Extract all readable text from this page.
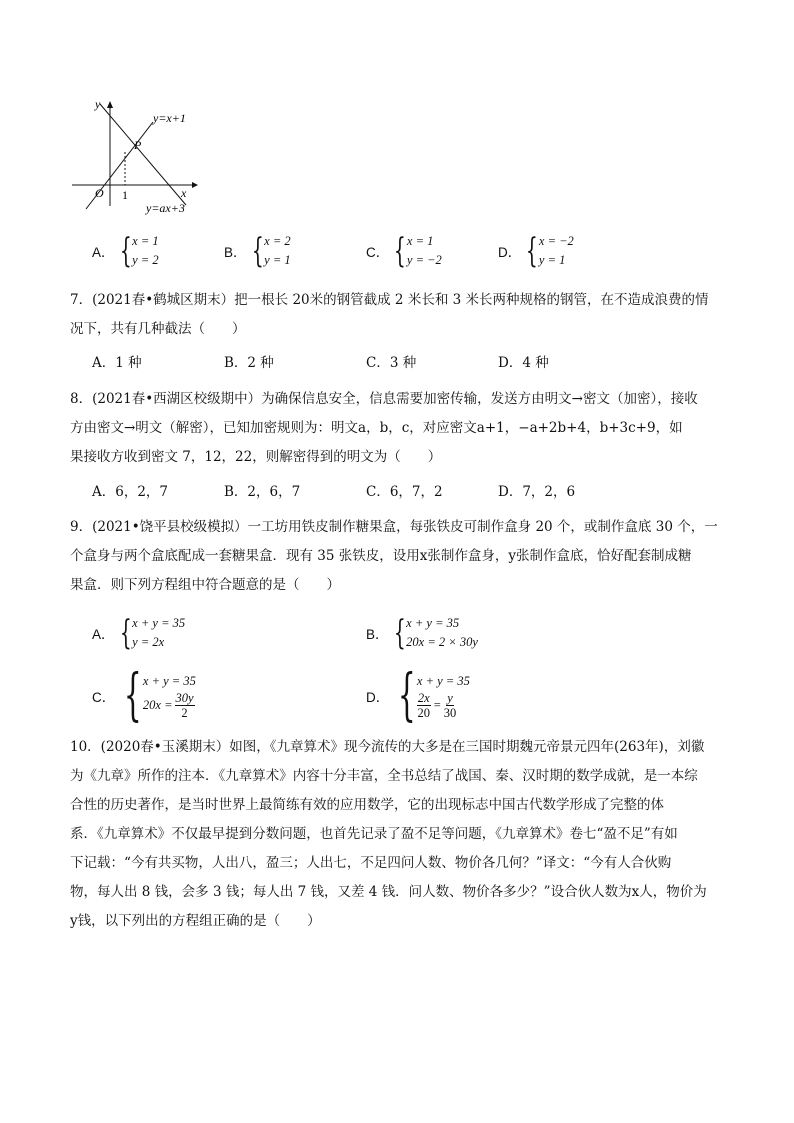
y
x
O 1
P
y=x+1
y=ax+3
A． { x = 1
y = 2	B． { x = 2
y = 1	C． { x = 1
y = −2	D． { x = −2
y = 1
7．(2021春•鹤城区期末）把一根长 20米的钢管截成 2 米长和 3 米长两种规格的钢管，在不造成浪费的情
况下，共有几种截法（　　）
A．1 种	B．2 种	C．3 种	D．4 种
8．(2021春•西湖区校级期中）为确保信息安全，信息需要加密传输，发送方由明文→密文（加密），接收
方由密文→明文（解密），已知加密规则为：明文a，b，c，对应密文a+1，−a+2b+4，b+3c+9，如
果接收方收到密文 7，12，22，则解密得到的明文为（　　）
A．6，2，7	B．2，6，7	C．6，7，2	D．7，2，6
9．(2021•饶平县校级模拟）一工坊用铁皮制作糖果盒，每张铁皮可制作盒身 20 个，或制作盒底 30 个，一
个盒身与两个盒底配成一套糖果盒．现有 35 张铁皮，设用x张制作盒身，y张制作盒底，恰好配套制成糖
果盒．则下列方程组中符合题意的是（　　）
A． { x + y = 35
y = 2x	B． { x + y = 35
20x = 2 × 30y
C． { x + y = 35
$20x = \frac{30y}{2}$	D． { x + y = 35
$\frac{2x}{20} = \frac{y}{30}$
10．(2020春•玉溪期末）如图，《九章算术》现今流传的大多是在三国时期魏元帝景元四年(263年)，刘徽
为《九章》所作的注本．《九章算术》内容十分丰富，全书总结了战国、秦、汉时期的数学成就，是一本综
合性的历史著作，是当时世界上最简练有效的应用数学，它的出现标志中国古代数学形成了完整的体
系．《九章算术》不仅最早提到分数问题，也首先记录了盈不足等问题，《九章算术》卷七“盈不足”有如
下记载：“今有共买物，人出八，盈三；人出七，不足四问人数、物价各几何？”译文：“今有人合伙购
物，每人出 8 钱，会多 3 钱；每人出 7 钱，又差 4 钱．问人数、物价各多少？”设合伙人数为x人，物价为
y钱，以下列出的方程组正确的是（　　）
